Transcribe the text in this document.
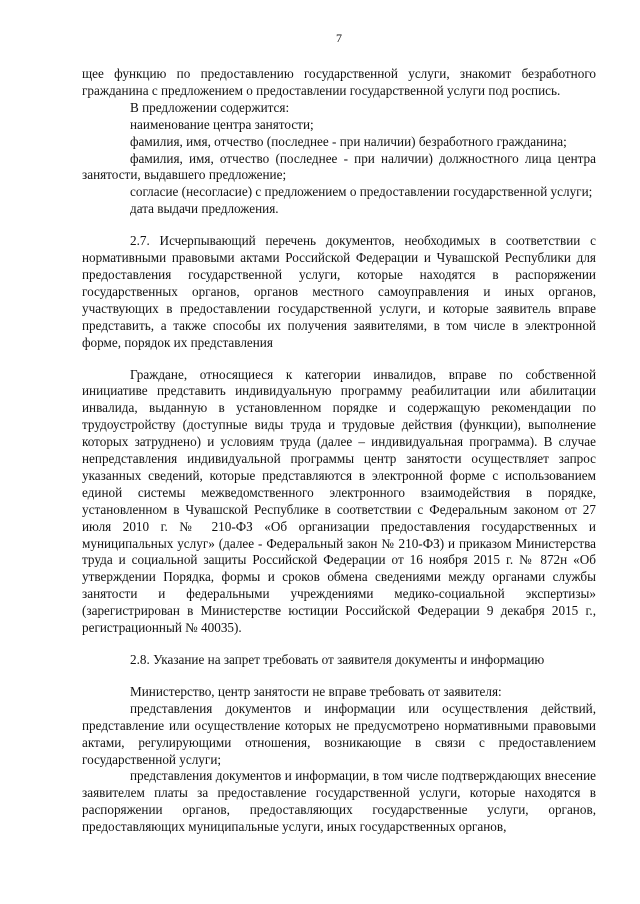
7

щее функцию по предоставлению государственной услуги, знакомит безработного гражданина с предложением о предоставлении государственной услуги под роспись.

В предложении содержится:

наименование центра занятости;

фамилия, имя, отчество (последнее - при наличии) безработного гражданина;

фамилия, имя, отчество (последнее - при наличии) должностного лица центра занятости, выдавшего предложение;

согласие (несогласие) с предложением о предоставлении государственной услуги;

дата выдачи предложения.

2.7. Исчерпывающий перечень документов, необходимых в соответствии с нормативными правовыми актами Российской Федерации и Чувашской Республики для предоставления государственной услуги, которые находятся в распоряжении государственных органов, органов местного самоуправления и иных органов, участвующих в предоставлении государственной услуги, и которые заявитель вправе представить, а также способы их получения заявителями, в том числе в электронной форме, порядок их представления

Граждане, относящиеся к категории инвалидов, вправе по собственной инициативе представить индивидуальную программу реабилитации или абилитации инвалида, выданную в установленном порядке и содержащую рекомендации по трудоустройству (доступные виды труда и трудовые действия (функции), выполнение которых затруднено) и условиям труда (далее – индивидуальная программа). В случае непредставления индивидуальной программы центр занятости осуществляет запрос указанных сведений, которые представляются в электронной форме с использованием единой системы межведомственного электронного взаимодействия в порядке, установленном в Чувашской Республике в соответствии с Федеральным законом от 27 июля 2010 г. № 210-ФЗ «Об организации предоставления государственных и муниципальных услуг» (далее - Федеральный закон № 210-ФЗ) и приказом Министерства труда и социальной защиты Российской Федерации от 16 ноября 2015 г. № 872н «Об утверждении Порядка, формы и сроков обмена сведениями между органами службы занятости и федеральными учреждениями медико-социальной экспертизы» (зарегистрирован в Министерстве юстиции Российской Федерации 9 декабря 2015 г., регистрационный № 40035).

2.8. Указание на запрет требовать от заявителя документы и информацию

Министерство, центр занятости не вправе требовать от заявителя:

представления документов и информации или осуществления действий, представление или осуществление которых не предусмотрено нормативными правовыми актами, регулирующими отношения, возникающие в связи с предоставлением государственной услуги;

представления документов и информации, в том числе подтверждающих внесение заявителем платы за предоставление государственной услуги, которые находятся в распоряжении органов, предоставляющих государственные услуги, органов, предоставляющих муниципальные услуги, иных государственных органов,
